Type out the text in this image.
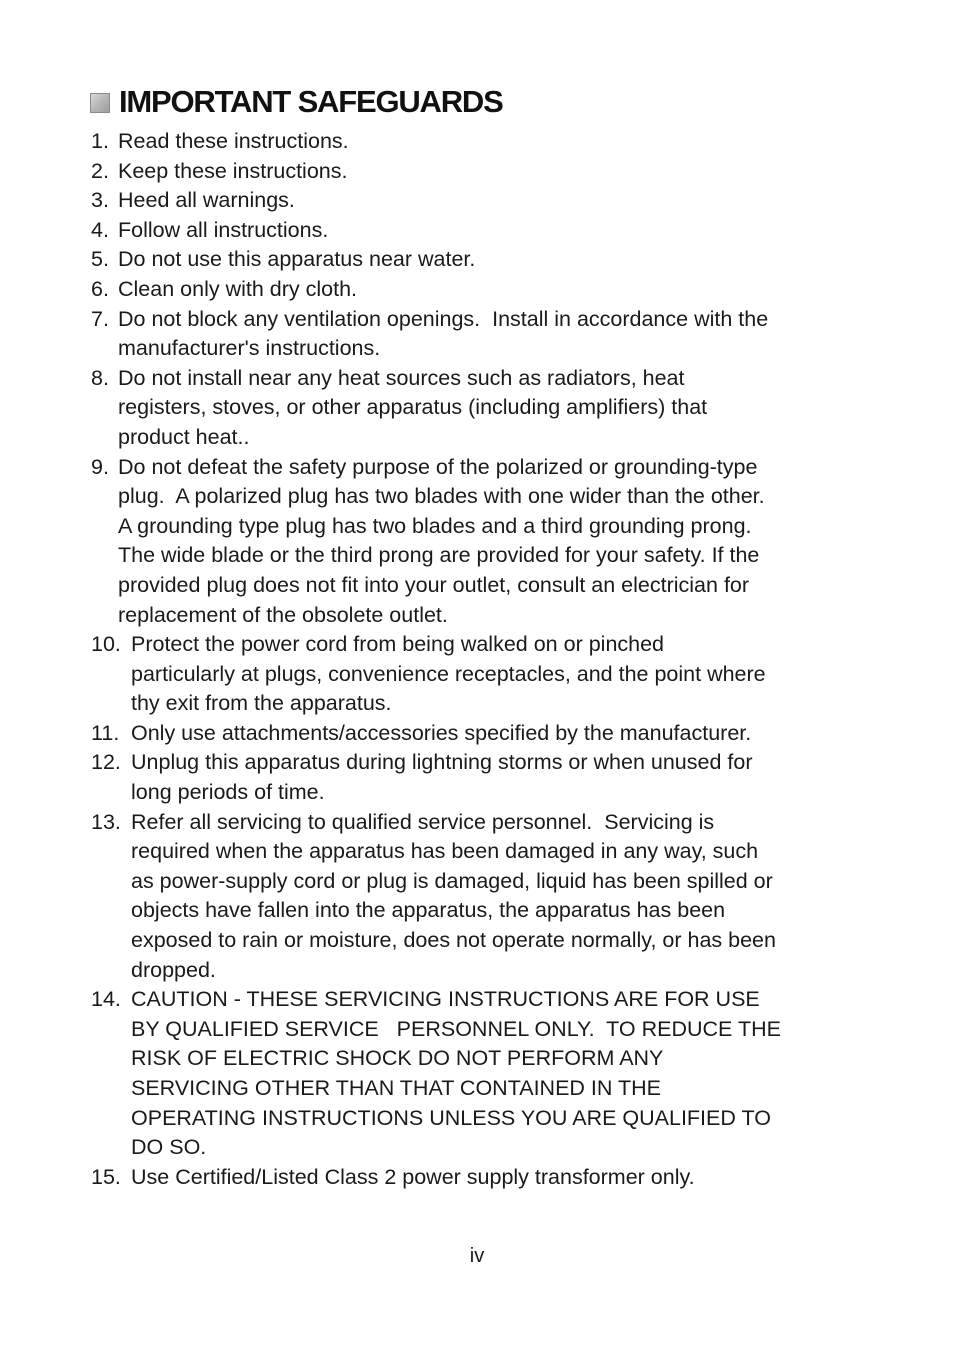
IMPORTANT SAFEGUARDS
1. Read these instructions.
2. Keep these instructions.
3. Heed all warnings.
4. Follow all instructions.
5. Do not use this apparatus near water.
6. Clean only with dry cloth.
7. Do not block any ventilation openings.  Install in accordance with the
manufacturer's instructions.
8. Do not install near any heat sources such as radiators, heat
registers, stoves, or other apparatus (including amplifiers) that
product heat..
9. Do not defeat the safety purpose of the polarized or grounding-type
plug.  A polarized plug has two blades with one wider than the other.
A grounding type plug has two blades and a third grounding prong.
The wide blade or the third prong are provided for your safety. If the
provided plug does not fit into your outlet, consult an electrician for
replacement of the obsolete outlet.
10. Protect the power cord from being walked on or pinched
particularly at plugs, convenience receptacles, and the point where
thy exit from the apparatus.
11. Only use attachments/accessories specified by the manufacturer.
12. Unplug this apparatus during lightning storms or when unused for
long periods of time.
13. Refer all servicing to qualified service personnel.  Servicing is
required when the apparatus has been damaged in any way, such
as power-supply cord or plug is damaged, liquid has been spilled or
objects have fallen into the apparatus, the apparatus has been
exposed to rain or moisture, does not operate normally, or has been
dropped.
14. CAUTION - THESE SERVICING INSTRUCTIONS ARE FOR USE
BY QUALIFIED SERVICE   PERSONNEL ONLY.  TO REDUCE THE
RISK OF ELECTRIC SHOCK DO NOT PERFORM ANY
SERVICING OTHER THAN THAT CONTAINED IN THE
OPERATING INSTRUCTIONS UNLESS YOU ARE QUALIFIED TO
DO SO.
15. Use Certified/Listed Class 2 power supply transformer only.
iv
